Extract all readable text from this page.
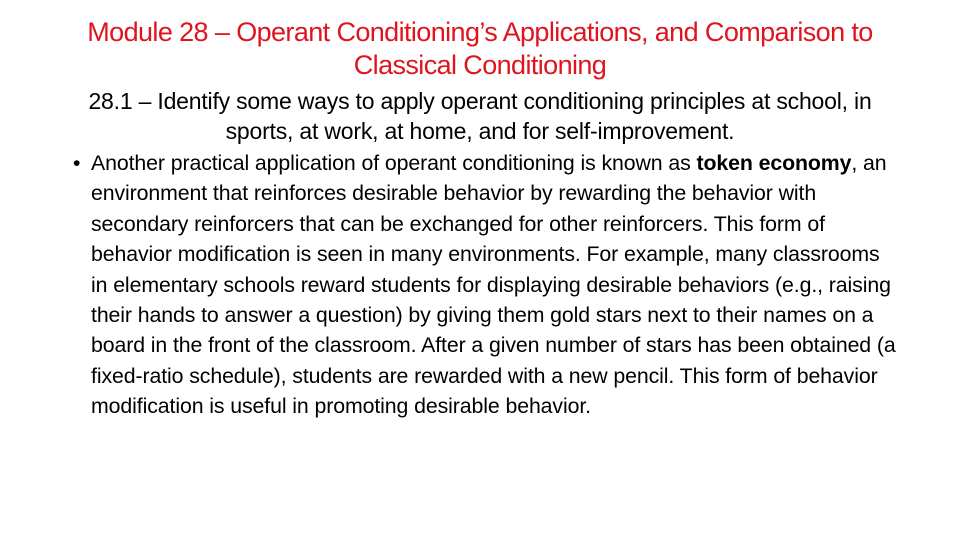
Module 28 – Operant Conditioning’s Applications, and Comparison to Classical Conditioning
28.1 – Identify some ways to apply operant conditioning principles at school, in sports, at work, at home, and for self-improvement.
• Another practical application of operant conditioning is known as token economy, an environment that reinforces desirable behavior by rewarding the behavior with secondary reinforcers that can be exchanged for other reinforcers. This form of behavior modification is seen in many environments. For example, many classrooms in elementary schools reward students for displaying desirable behaviors (e.g., raising their hands to answer a question) by giving them gold stars next to their names on a board in the front of the classroom. After a given number of stars has been obtained (a fixed-ratio schedule), students are rewarded with a new pencil. This form of behavior modification is useful in promoting desirable behavior.
